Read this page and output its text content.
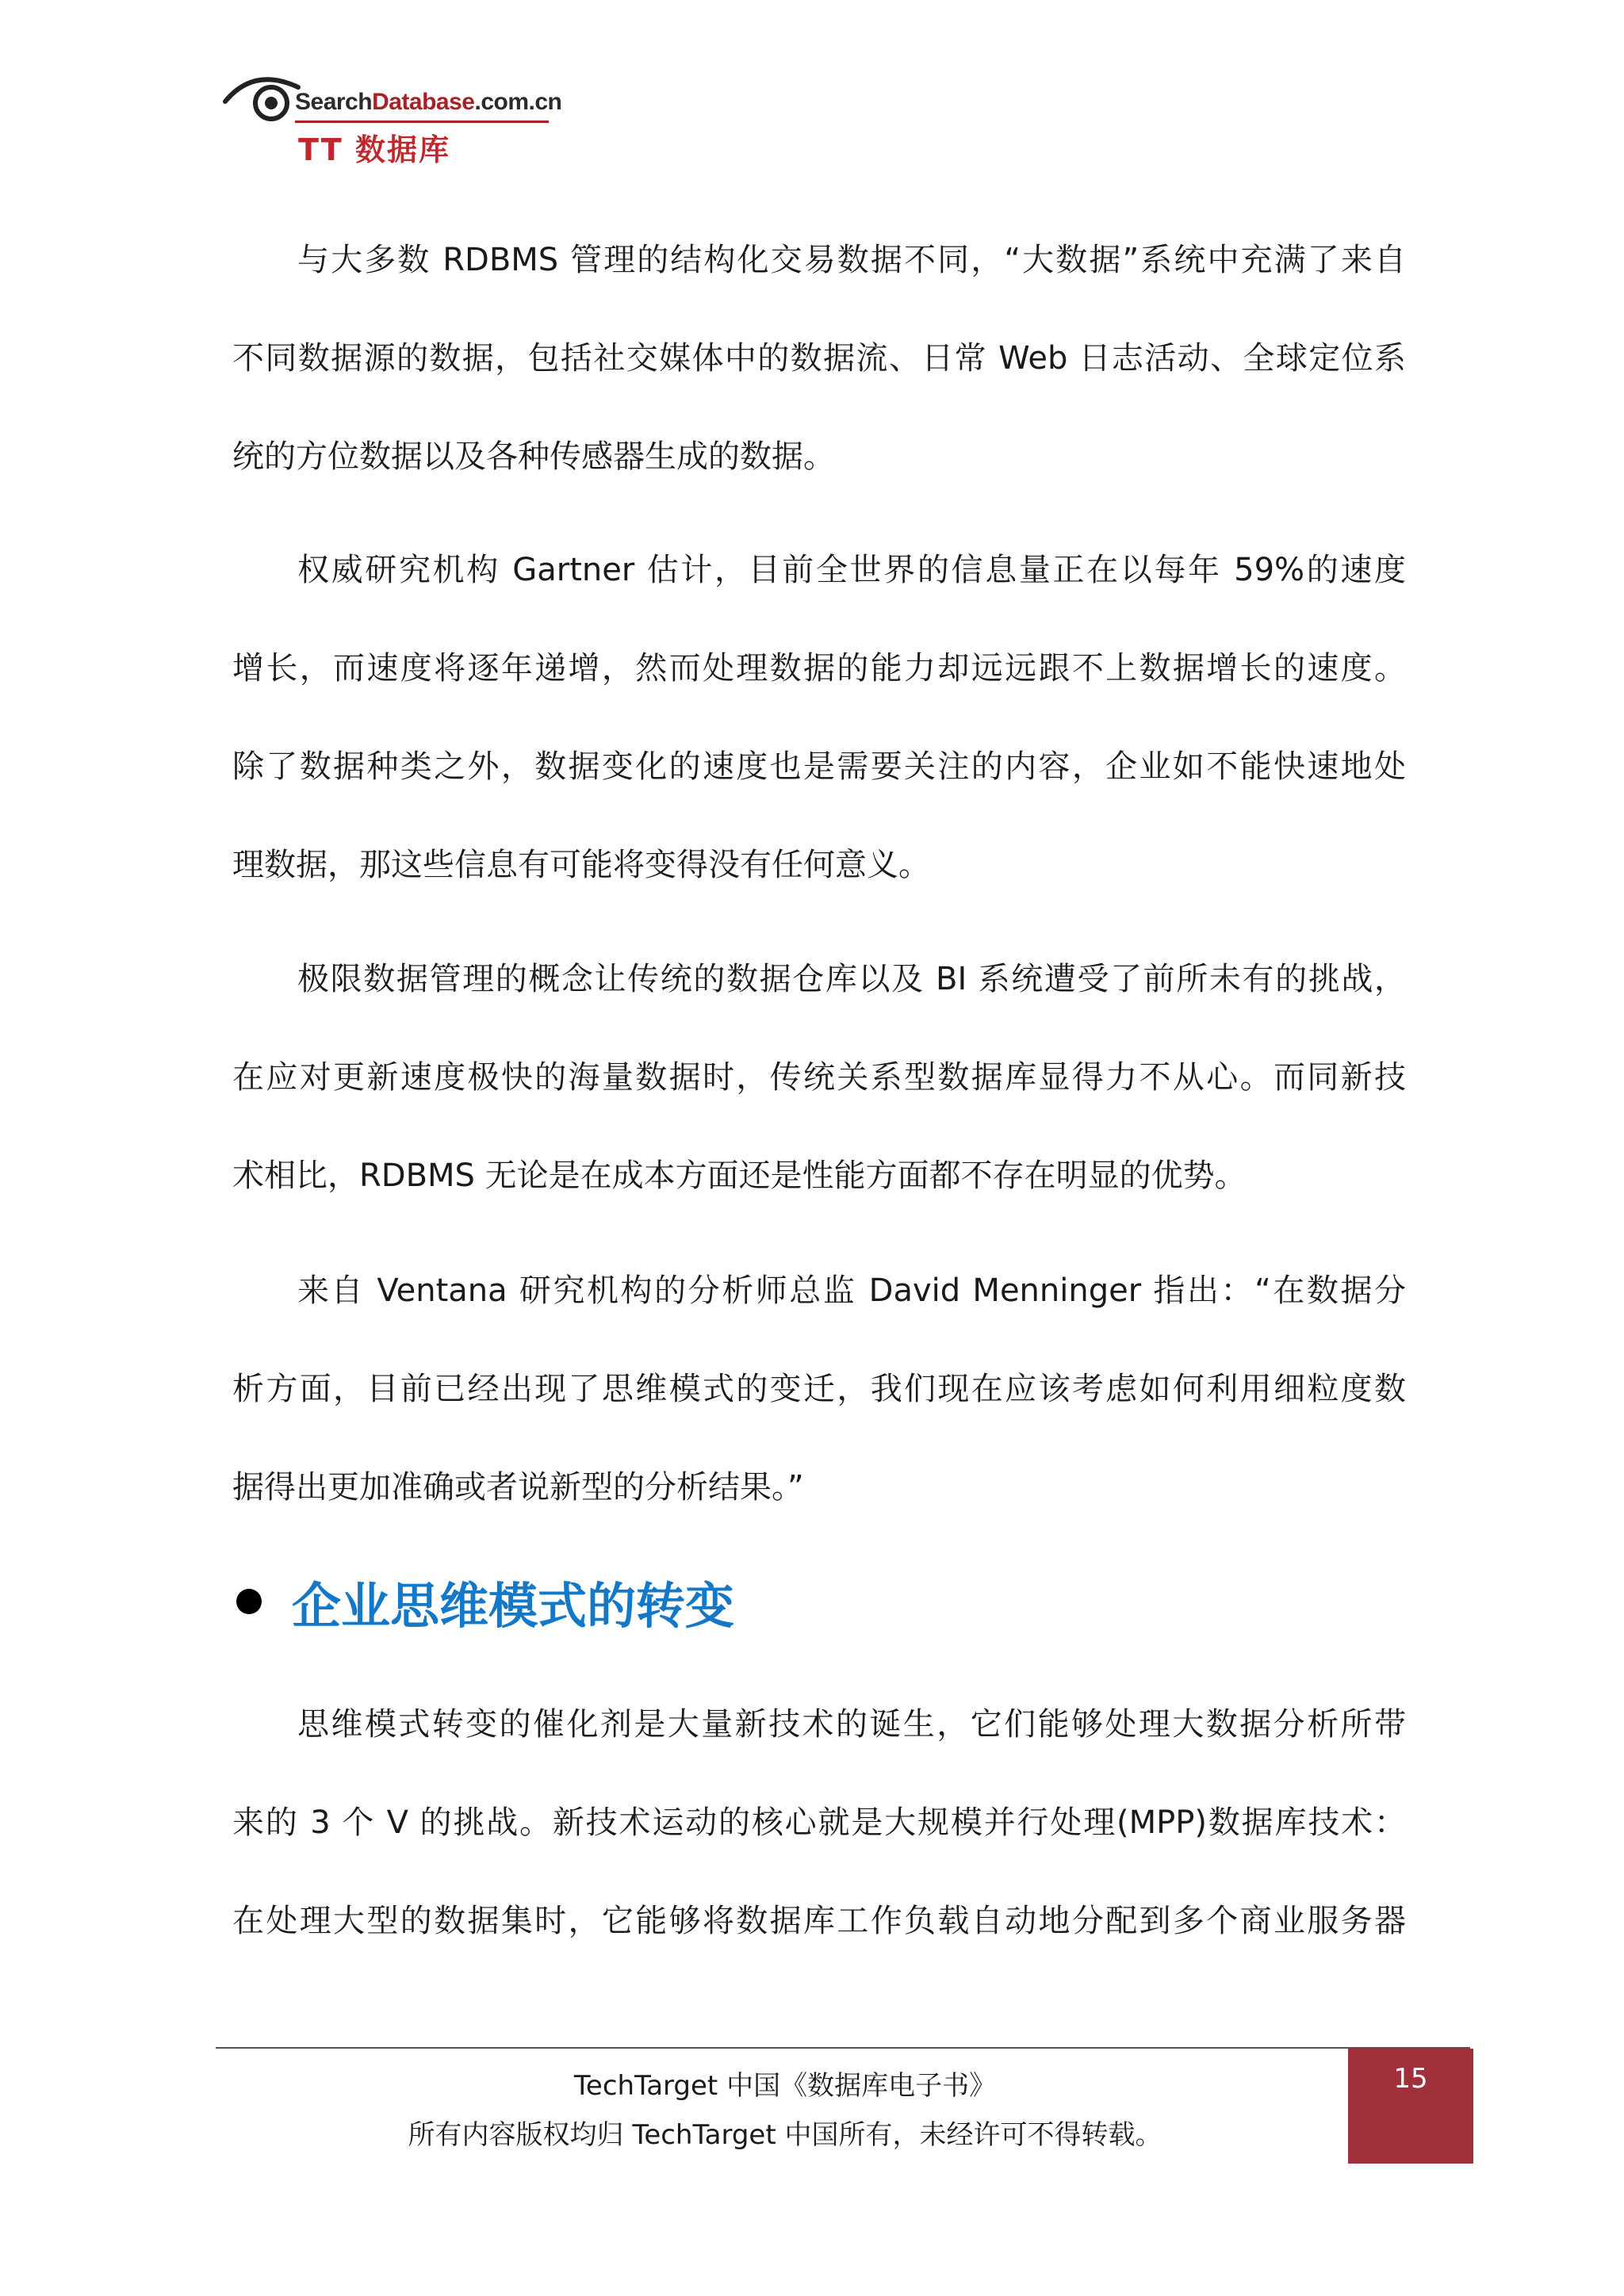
SearchDatabase.com.cn
TT 数据库
与大多数 RDBMS 管理的结构化交易数据不同，“大数据”系统中充满了来自
不同数据源的数据，包括社交媒体中的数据流、日常 Web 日志活动、全球定位系
统的方位数据以及各种传感器生成的数据。
权威研究机构 Gartner 估计，目前全世界的信息量正在以每年 59%的速度
增长，而速度将逐年递增，然而处理数据的能力却远远跟不上数据增长的速度。
除了数据种类之外，数据变化的速度也是需要关注的内容，企业如不能快速地处
理数据，那这些信息有可能将变得没有任何意义。
极限数据管理的概念让传统的数据仓库以及 BI 系统遭受了前所未有的挑战，
在应对更新速度极快的海量数据时，传统关系型数据库显得力不从心。而同新技
术相比，RDBMS 无论是在成本方面还是性能方面都不存在明显的优势。
来自 Ventana 研究机构的分析师总监 David Menninger 指出：“在数据分
析方面，目前已经出现了思维模式的变迁，我们现在应该考虑如何利用细粒度数
据得出更加准确或者说新型的分析结果。”
企业思维模式的转变
思维模式转变的催化剂是大量新技术的诞生，它们能够处理大数据分析所带
来的 3 个 V 的挑战。新技术运动的核心就是大规模并行处理(MPP)数据库技术：
在处理大型的数据集时，它能够将数据库工作负载自动地分配到多个商业服务器
TechTarget 中国《数据库电子书》
所有内容版权均归 TechTarget 中国所有，未经许可不得转载。
15
